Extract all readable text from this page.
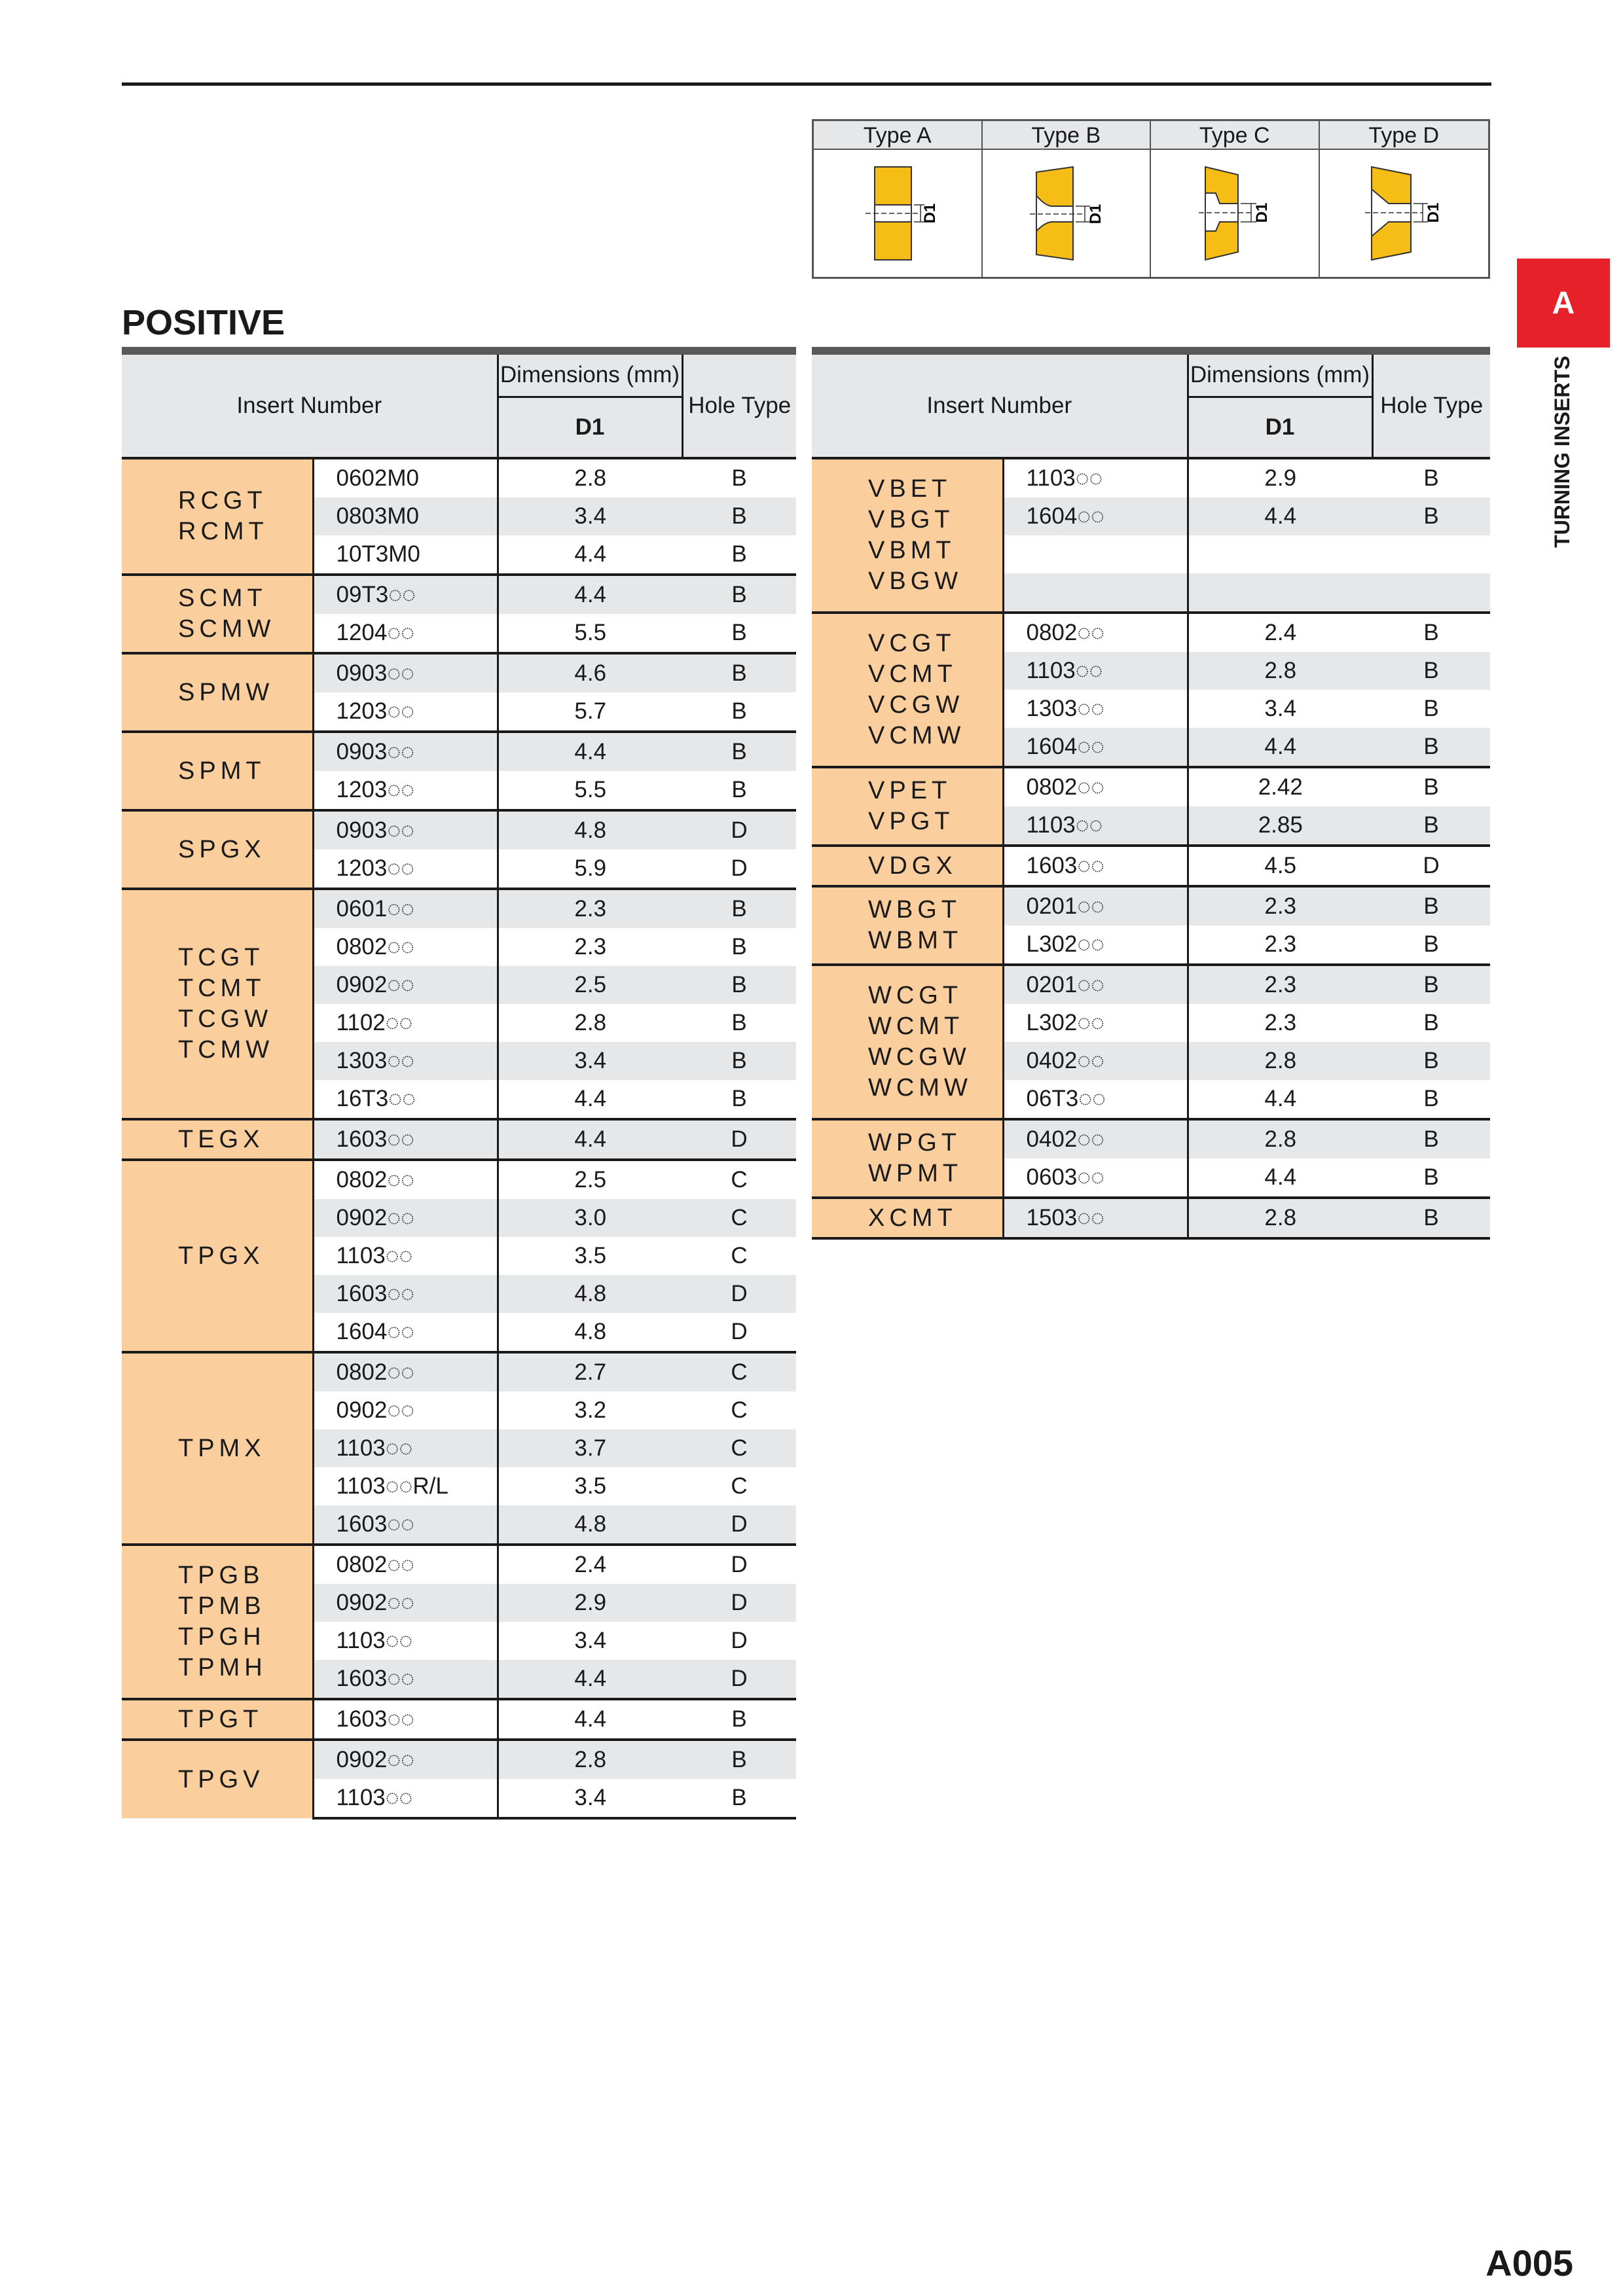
Type A	Type B	Type C	Type D
D1	D1	D1	D1
A
TURNING INSERTS
POSITIVE
Insert Number		Dimensions (mm)	Hole Type
		D1	

RCGT
RCMT	0602M0	2.8	B
	0803M0	3.4	B
	10T3M0	4.4	B

SCMT
SCMW	09T3◌◌	4.4	B
	1204◌◌	5.5	B

SPMW	0903◌◌	4.6	B
	1203◌◌	5.7	B

SPMT	0903◌◌	4.4	B
	1203◌◌	5.5	B

SPGX	0903◌◌	4.8	D
	1203◌◌	5.9	D

TCGT
TCMT
TCGW
TCMW	0601◌◌	2.3	B
	0802◌◌	2.3	B
	0902◌◌	2.5	B
	1102◌◌	2.8	B
	1303◌◌	3.4	B
	16T3◌◌	4.4	B

TEGX	1603◌◌	4.4	D

TPGX	0802◌◌	2.5	C
	0902◌◌	3.0	C
	1103◌◌	3.5	C
	1603◌◌	4.8	D
	1604◌◌	4.8	D

TPMX	0802◌◌	2.7	C
	0902◌◌	3.2	C
	1103◌◌	3.7	C
	1103◌◌R/L	3.5	C
	1603◌◌	4.8	D

TPGB
TPMB
TPGH
TPMH	0802◌◌	2.4	D
	0902◌◌	2.9	D
	1103◌◌	3.4	D
	1603◌◌	4.4	D

TPGT	1603◌◌	4.4	B

TPGV	0902◌◌	2.8	B
	1103◌◌	3.4	B
Insert Number		Dimensions (mm)	Hole Type
		D1	

VBET
VBGT
VBMT
VBGW	1103◌◌	2.9	B
	1604◌◌	4.4	B

VCGT
VCMT
VCGW
VCMW	0802◌◌	2.4	B
	1103◌◌	2.8	B
	1303◌◌	3.4	B
	1604◌◌	4.4	B

VPET
VPGT	0802◌◌	2.42	B
	1103◌◌	2.85	B

VDGX	1603◌◌	4.5	D

WBGT
WBMT	0201◌◌	2.3	B
	L302◌◌	2.3	B

WCGT
WCMT
WCGW
WCMW	0201◌◌	2.3	B
	L302◌◌	2.3	B
	0402◌◌	2.8	B
	06T3◌◌	4.4	B

WPGT
WPMT	0402◌◌	2.8	B
	0603◌◌	4.4	B

XCMT	1503◌◌	2.8	B
A005
